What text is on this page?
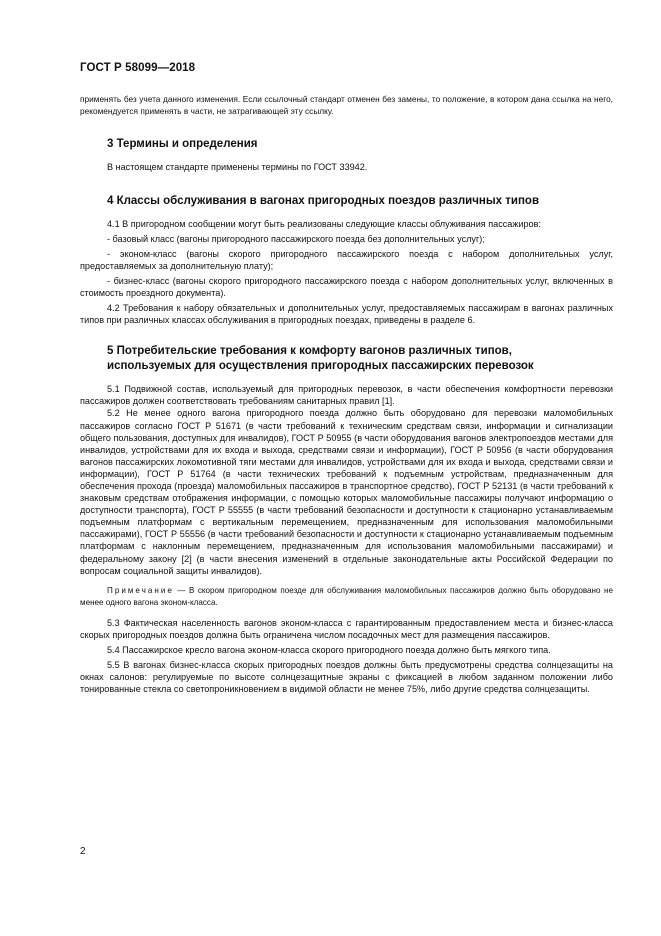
ГОСТ Р 58099—2018

применять без учета данного изменения. Если ссылочный стандарт отменен без замены, то положение, в котором дана ссылка на него, рекомендуется применять в части, не затрагивающей эту ссылку.

3 Термины и определения

В настоящем стандарте применены термины по ГОСТ 33942.

4 Классы обслуживания в вагонах пригородных поездов различных типов

4.1 В пригородном сообщении могут быть реализованы следующие классы облуживания пассажиров:

- базовый класс (вагоны пригородного пассажирского поезда без дополнительных услуг);

- эконом-класс (вагоны скорого пригородного пассажирского поезда с набором дополнительных услуг, предоставляемых за дополнительную плату);

- бизнес-класс (вагоны скорого пригородного пассажирского поезда с набором дополнительных услуг, включенных в стоимость проездного документа).

4.2 Требования к набору обязательных и дополнительных услуг, предоставляемых пассажирам в вагонах различных типов при различных классах обслуживания в пригородных поездах, приведены в разделе 6.

5 Потребительские требования к комфорту вагонов различных типов,
используемых для осуществления пригородных пассажирских перевозок

5.1 Подвижной состав, используемый для пригородных перевозок, в части обеспечения комфортности перевозки пассажиров должен соответствовать требованиям санитарных правил [1].

5.2 Не менее одного вагона пригородного поезда должно быть оборудовано для перевозки маломобильных пассажиров согласно ГОСТ Р 51671 (в части требований к техническим средствам связи, информации и сигнализации общего пользования, доступных для инвалидов), ГОСТ Р 50955 (в части оборудования вагонов электропоездов местами для инвалидов, устройствами для их входа и выхода, средствами связи и информации), ГОСТ Р 50956 (в части оборудования вагонов пассажирских локомотивной тяги местами для инвалидов, устройствами для их входа и выхода, средствами связи и информации), ГОСТ Р 51764 (в части технических требований к подъемным устройствам, предназначенным для обеспечения прохода (проезда) маломобильных пассажиров в транспортное средство), ГОСТ Р 52131 (в части требований к знаковым средствам отображения информации, с помощью которых маломобильные пассажиры получают информацию о доступности транспорта), ГОСТ Р 55555 (в части требований безопасности и доступности к стационарно устанавливаемым подъемным платформам с вертикальным перемещением, предназначенным для использования маломобильными пассажирами), ГОСТ Р 55556 (в части требований безопасности и доступности к стационарно устанавливаемым подъемным платформам с наклонным перемещением, предназначенным для использования маломобильными пассажирами) и федеральному закону [2] (в части внесения изменений в отдельные законодательные акты Российской Федерации по вопросам социальной защиты инвалидов).

Примечание — В скором пригородном поезде для обслуживания маломобильных пассажиров должно быть оборудовано не менее одного вагона эконом-класса.

5.3 Фактическая населенность вагонов эконом-класса с гарантированным предоставлением места и бизнес-класса скорых пригородных поездов должна быть ограничена числом посадочных мест для размещения пассажиров.

5.4 Пассажирское кресло вагона эконом-класса скорого пригородного поезда должно быть мягкого типа.

5.5 В вагонах бизнес-класса скорых пригородных поездов должны быть предусмотрены средства солнцезащиты на окнах салонов: регулируемые по высоте солнцезащитные экраны с фиксацией в любом заданном положении либо тонированные стекла со светопроникновением в видимой области не менее 75%, либо другие средства солнцезащиты.

2
